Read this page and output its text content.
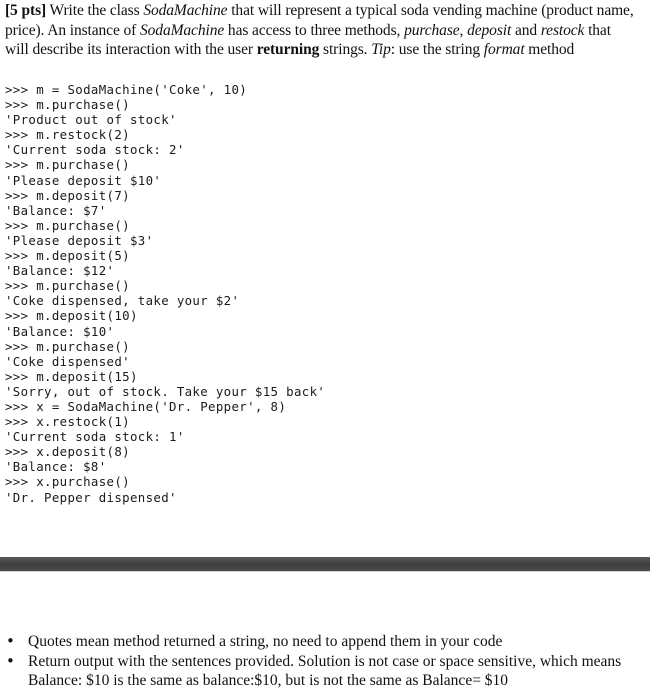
[5 pts] Write the class SodaMachine that will represent a typical soda vending machine (product name, price). An instance of SodaMachine has access to three methods, purchase, deposit and restock that will describe its interaction with the user returning strings. Tip: use the string format method
>>> m = SodaMachine('Coke', 10)
>>> m.purchase()
'Product out of stock'
>>> m.restock(2)
'Current soda stock: 2'
>>> m.purchase()
'Please deposit $10'
>>> m.deposit(7)
'Balance: $7'
>>> m.purchase()
'Please deposit $3'
>>> m.deposit(5)
'Balance: $12'
>>> m.purchase()
'Coke dispensed, take your $2'
>>> m.deposit(10)
'Balance: $10'
>>> m.purchase()
'Coke dispensed'
>>> m.deposit(15)
'Sorry, out of stock. Take your $15 back'
>>> x = SodaMachine('Dr. Pepper', 8)
>>> x.restock(1)
'Current soda stock: 1'
>>> x.deposit(8)
'Balance: $8'
>>> x.purchase()
'Dr. Pepper dispensed'
• Quotes mean method returned a string, no need to append them in your code
• Return output with the sentences provided. Solution is not case or space sensitive, which means Balance: $10 is the same as balance:$10, but is not the same as Balance= $10
